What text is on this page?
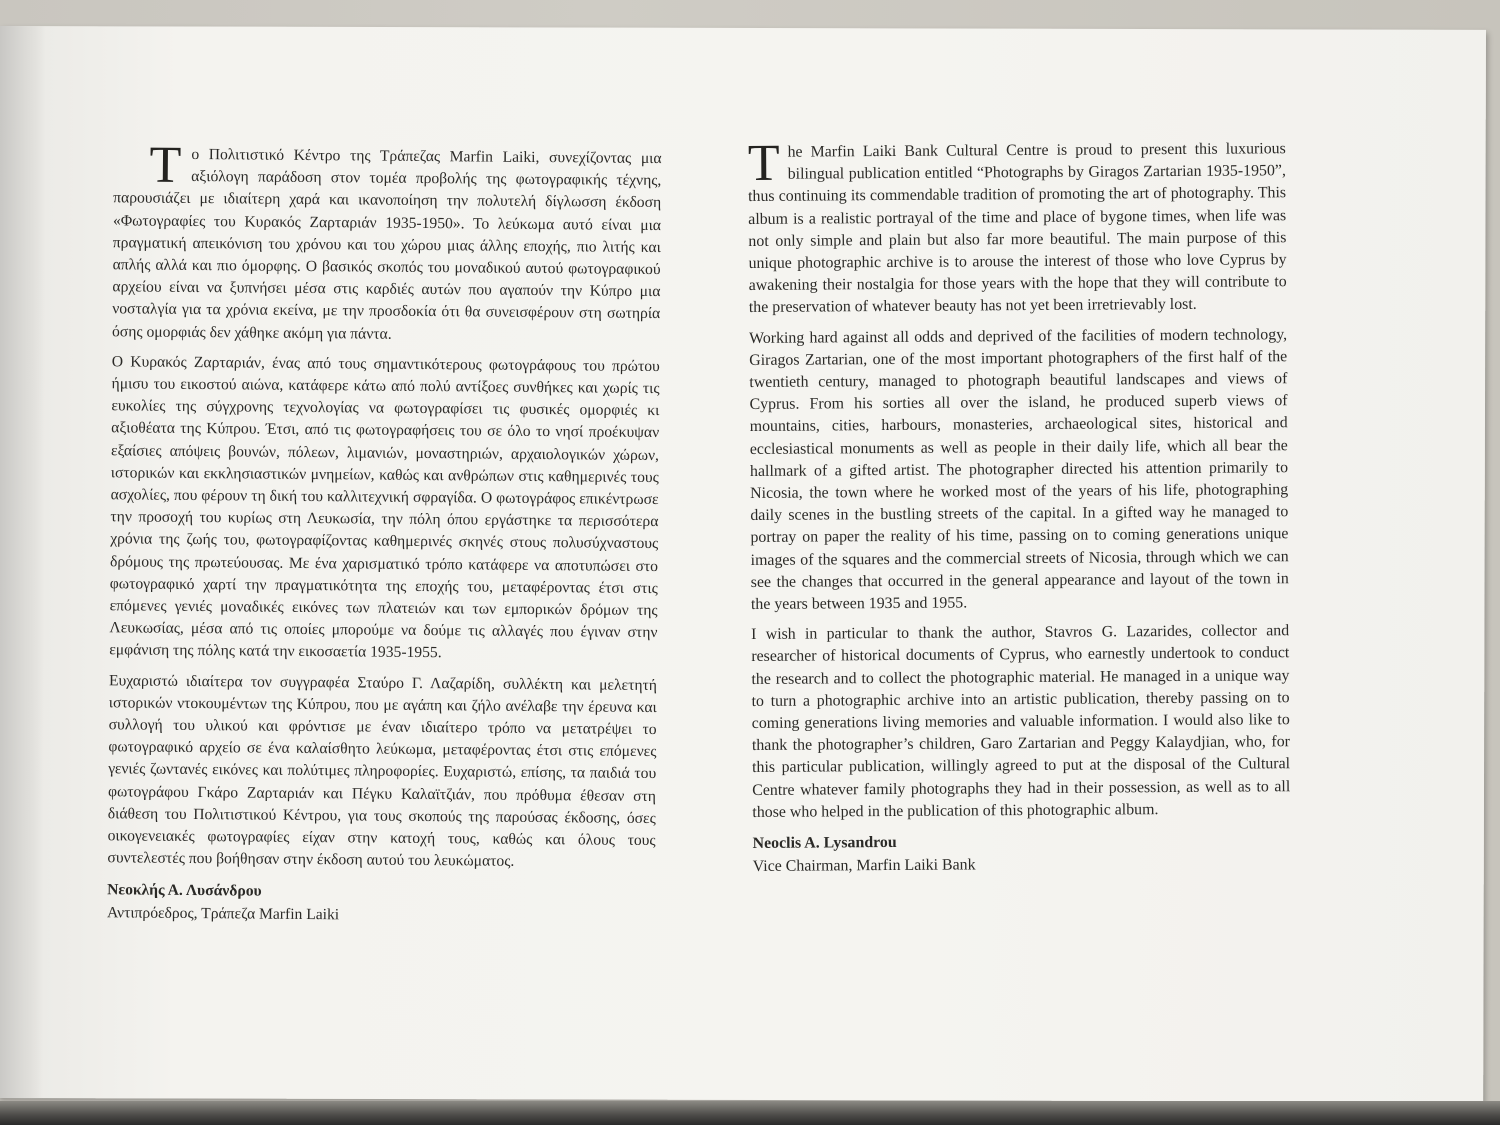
Το Πολιτιστικό Κέντρο της Τράπεζας Marfin Laiki, συνεχίζοντας μια αξιόλογη παράδοση στον τομέα προβολής της φωτογραφικής τέχνης, παρουσιάζει με ιδιαίτερη χαρά και ικανοποίηση την πολυτελή δίγλωσση έκδοση «Φωτογραφίες του Κυρακός Ζαρταριάν 1935-1950». Το λεύκωμα αυτό είναι μια πραγματική απεικόνιση του χρόνου και του χώρου μιας άλλης εποχής, πιο λιτής και απλής αλλά και πιο όμορφης. Ο βασικός σκοπός του μοναδικού αυτού φωτογραφικού αρχείου είναι να ξυπνήσει μέσα στις καρδιές αυτών που αγαπούν την Κύπρο μια νοσταλγία για τα χρόνια εκείνα, με την προσδοκία ότι θα συνεισφέρουν στη σωτηρία όσης ομορφιάς δεν χάθηκε ακόμη για πάντα.

Ο Κυρακός Ζαρταριάν, ένας από τους σημαντικότερους φωτογράφους του πρώτου ήμισυ του εικοστού αιώνα, κατάφερε κάτω από πολύ αντίξοες συνθήκες και χωρίς τις ευκολίες της σύγχρονης τεχνολογίας να φωτογραφίσει τις φυσικές ομορφιές κι αξιοθέατα της Κύπρου. Έτσι, από τις φωτογραφήσεις του σε όλο το νησί προέκυψαν εξαίσιες απόψεις βουνών, πόλεων, λιμανιών, μοναστηριών, αρχαιολογικών χώρων, ιστορικών και εκκλησιαστικών μνημείων, καθώς και ανθρώπων στις καθημερινές τους ασχολίες, που φέρουν τη δική του καλλιτεχνική σφραγίδα. Ο φωτογράφος επικέντρωσε την προσοχή του κυρίως στη Λευκωσία, την πόλη όπου εργάστηκε τα περισσότερα χρόνια της ζωής του, φωτογραφίζοντας καθημερινές σκηνές στους πολυσύχναστους δρόμους της πρωτεύουσας. Με ένα χαρισματικό τρόπο κατάφερε να αποτυπώσει στο φωτογραφικό χαρτί την πραγματικότητα της εποχής του, μεταφέροντας έτσι στις επόμενες γενιές μοναδικές εικόνες των πλατειών και των εμπορικών δρόμων της Λευκωσίας, μέσα από τις οποίες μπορούμε να δούμε τις αλλαγές που έγιναν στην εμφάνιση της πόλης κατά την εικοσαετία 1935-1955.

Ευχαριστώ ιδιαίτερα τον συγγραφέα Σταύρο Γ. Λαζαρίδη, συλλέκτη και μελετητή ιστορικών ντοκουμέντων της Κύπρου, που με αγάπη και ζήλο ανέλαβε την έρευνα και συλλογή του υλικού και φρόντισε με έναν ιδιαίτερο τρόπο να μετατρέψει το φωτογραφικό αρχείο σε ένα καλαίσθητο λεύκωμα, μεταφέροντας έτσι στις επόμενες γενιές ζωντανές εικόνες και πολύτιμες πληροφορίες. Ευχαριστώ, επίσης, τα παιδιά του φωτογράφου Γκάρο Ζαρταριάν και Πέγκυ Καλαϊτζιάν, που πρόθυμα έθεσαν στη διάθεση του Πολιτιστικού Κέντρου, για τους σκοπούς της παρούσας έκδοσης, όσες οικογενειακές φωτογραφίες είχαν στην κατοχή τους, καθώς και όλους τους συντελεστές που βοήθησαν στην έκδοση αυτού του λευκώματος.

Νεοκλής Α. Λυσάνδρου
Αντιπρόεδρος, Τράπεζα Marfin Laiki

The Marfin Laiki Bank Cultural Centre is proud to present this luxurious bilingual publication entitled “Photographs by Giragos Zartarian 1935-1950”, thus continuing its commendable tradition of promoting the art of photography. This album is a realistic portrayal of the time and place of bygone times, when life was not only simple and plain but also far more beautiful. The main purpose of this unique photographic archive is to arouse the interest of those who love Cyprus by awakening their nostalgia for those years with the hope that they will contribute to the preservation of whatever beauty has not yet been irretrievably lost.

Working hard against all odds and deprived of the facilities of modern technology, Giragos Zartarian, one of the most important photographers of the first half of the twentieth century, managed to photograph beautiful landscapes and views of Cyprus. From his sorties all over the island, he produced superb views of mountains, cities, harbours, monasteries, archaeological sites, historical and ecclesiastical monuments as well as people in their daily life, which all bear the hallmark of a gifted artist. The photographer directed his attention primarily to Nicosia, the town where he worked most of the years of his life, photographing daily scenes in the bustling streets of the capital. In a gifted way he managed to portray on paper the reality of his time, passing on to coming generations unique images of the squares and the commercial streets of Nicosia, through which we can see the changes that occurred in the general appearance and layout of the town in the years between 1935 and 1955.

I wish in particular to thank the author, Stavros G. Lazarides, collector and researcher of historical documents of Cyprus, who earnestly undertook to conduct the research and to collect the photographic material. He managed in a unique way to turn a photographic archive into an artistic publication, thereby passing on to coming generations living memories and valuable information. I would also like to thank the photographer’s children, Garo Zartarian and Peggy Kalaydjian, who, for this particular publication, willingly agreed to put at the disposal of the Cultural Centre whatever family photographs they had in their possession, as well as to all those who helped in the publication of this photographic album.

Neoclis A. Lysandrou
Vice Chairman, Marfin Laiki Bank
